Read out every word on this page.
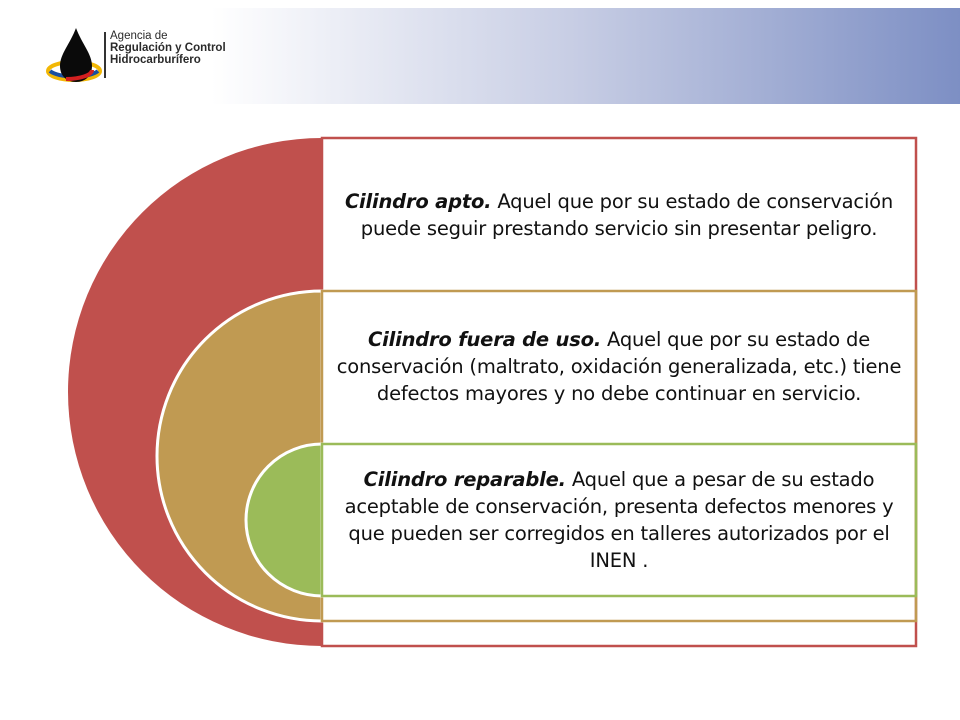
Agencia de
Regulación y Control
Hidrocarburífero
Cilindro apto. Aquel que por su estado de conservación puede seguir prestando servicio sin presentar peligro.
Cilindro fuera de uso. Aquel que por su estado de conservación (maltrato, oxidación generalizada, etc.) tiene defectos mayores y no debe continuar en servicio.
Cilindro reparable. Aquel que a pesar de su estado aceptable de conservación, presenta defectos menores y que pueden ser corregidos en talleres autorizados por el INEN .
